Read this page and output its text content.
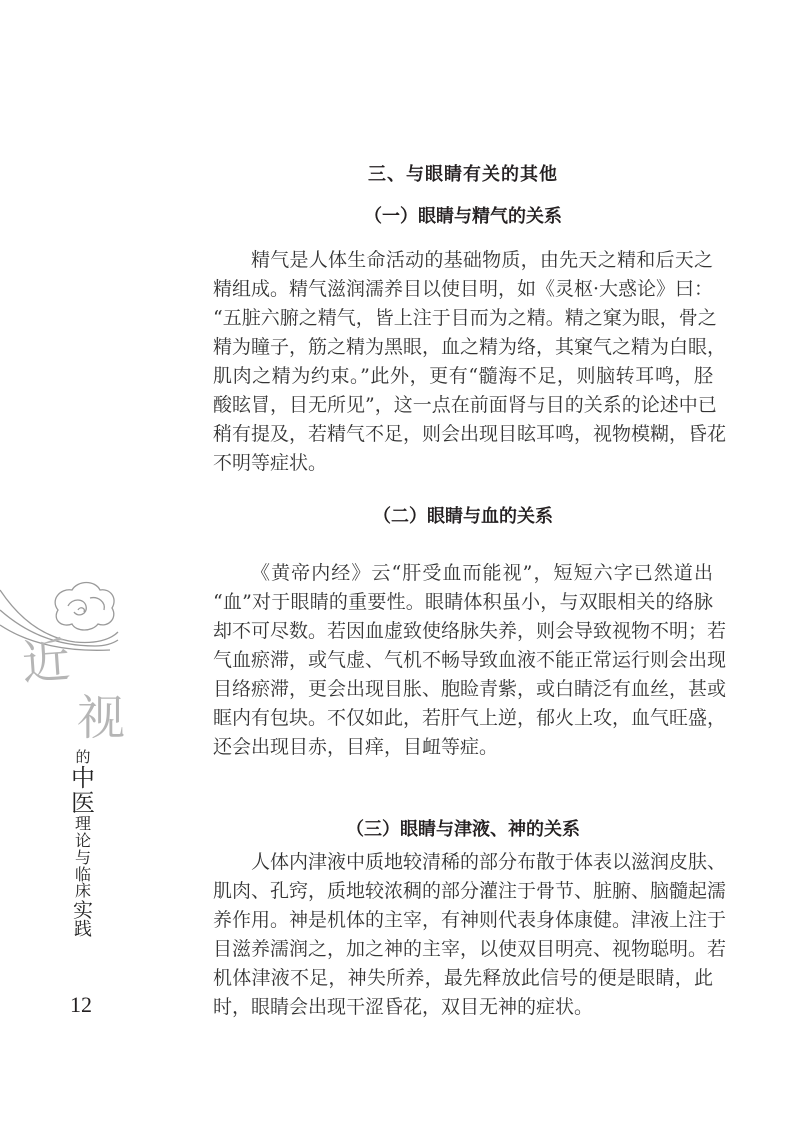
近
视
的
中
医
理
论
与
临
床
实
践
三、与眼睛有关的其他
（一）眼睛与精气的关系
精气是人体生命活动的基础物质，由先天之精和后天之
精组成。精气滋润濡养目以使目明，如《灵枢·大惑论》曰：
“五脏六腑之精气，皆上注于目而为之精。精之窠为眼，骨之
精为瞳子，筋之精为黑眼，血之精为络，其窠气之精为白眼，
肌肉之精为约束。”此外，更有“髓海不足，则脑转耳鸣，胫
酸眩冒，目无所见”，这一点在前面肾与目的关系的论述中已
稍有提及，若精气不足，则会出现目眩耳鸣，视物模糊，昏花
不明等症状。
（二）眼睛与血的关系
《黄帝内经》云“肝受血而能视”，短短六字已然道出
“血”对于眼睛的重要性。眼睛体积虽小，与双眼相关的络脉
却不可尽数。若因血虚致使络脉失养，则会导致视物不明；若
气血瘀滞，或气虚、气机不畅导致血液不能正常运行则会出现
目络瘀滞，更会出现目胀、胞睑青紫，或白睛泛有血丝，甚或
眶内有包块。不仅如此，若肝气上逆，郁火上攻，血气旺盛，
还会出现目赤，目痒，目衄等症。
（三）眼睛与津液、神的关系
人体内津液中质地较清稀的部分布散于体表以滋润皮肤、
肌肉、孔窍，质地较浓稠的部分灌注于骨节、脏腑、脑髓起濡
养作用。神是机体的主宰，有神则代表身体康健。津液上注于
目滋养濡润之，加之神的主宰，以使双目明亮、视物聪明。若
机体津液不足，神失所养，最先释放此信号的便是眼睛，此
时，眼睛会出现干涩昏花，双目无神的症状。
12
